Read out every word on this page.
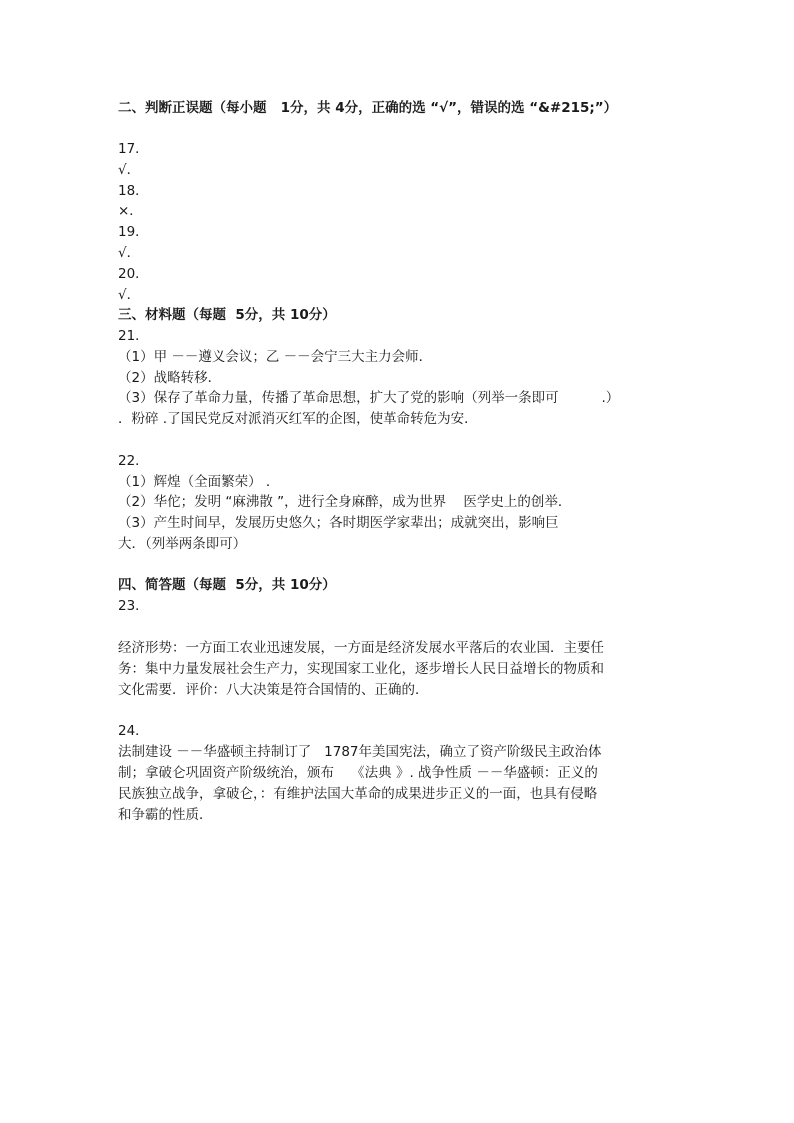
二、判断正误题（每小题   1分，共 4分，正确的选 “√”，错误的选 “&#215;”）
17．
√．
18．
×．
19．
√．
20．
√．
三、材料题（每题  5分，共 10分）
21．
（1）甲 －－遵义会议；乙 －－会宁三大主力会师．
（2）战略转移．
（3）保存了革命力量，传播了革命思想，扩大了党的影响（列举一条即可          .）
．粉碎 .了国民党反对派消灭红军的企图，使革命转危为安．
22．
（1）辉煌（全面繁荣） ．
（2）华佗；发明 “麻沸散 ”，进行全身麻醉，成为世界    医学史上的创举．
（3）产生时间早，发展历史悠久；各时期医学家辈出；成就突出，影响巨
大．（列举两条即可）
四、简答题（每题  5分，共 10分）
23．
经济形势：一方面工农业迅速发展，一方面是经济发展水平落后的农业国．主要任
务：集中力量发展社会生产力，实现国家工业化，逐步增长人民日益增长的物质和
文化需要．评价：八大决策是符合国情的、正确的．
24．
法制建设 －－华盛顿主持制订了   1787年美国宪法，确立了资产阶级民主政治体
制；拿破仑巩固资产阶级统治，颁布    《法典 》. 战争性质 －－华盛顿：正义的
民族独立战争，拿破仑，：有维护法国大革命的成果进步正义的一面，也具有侵略
和争霸的性质．
